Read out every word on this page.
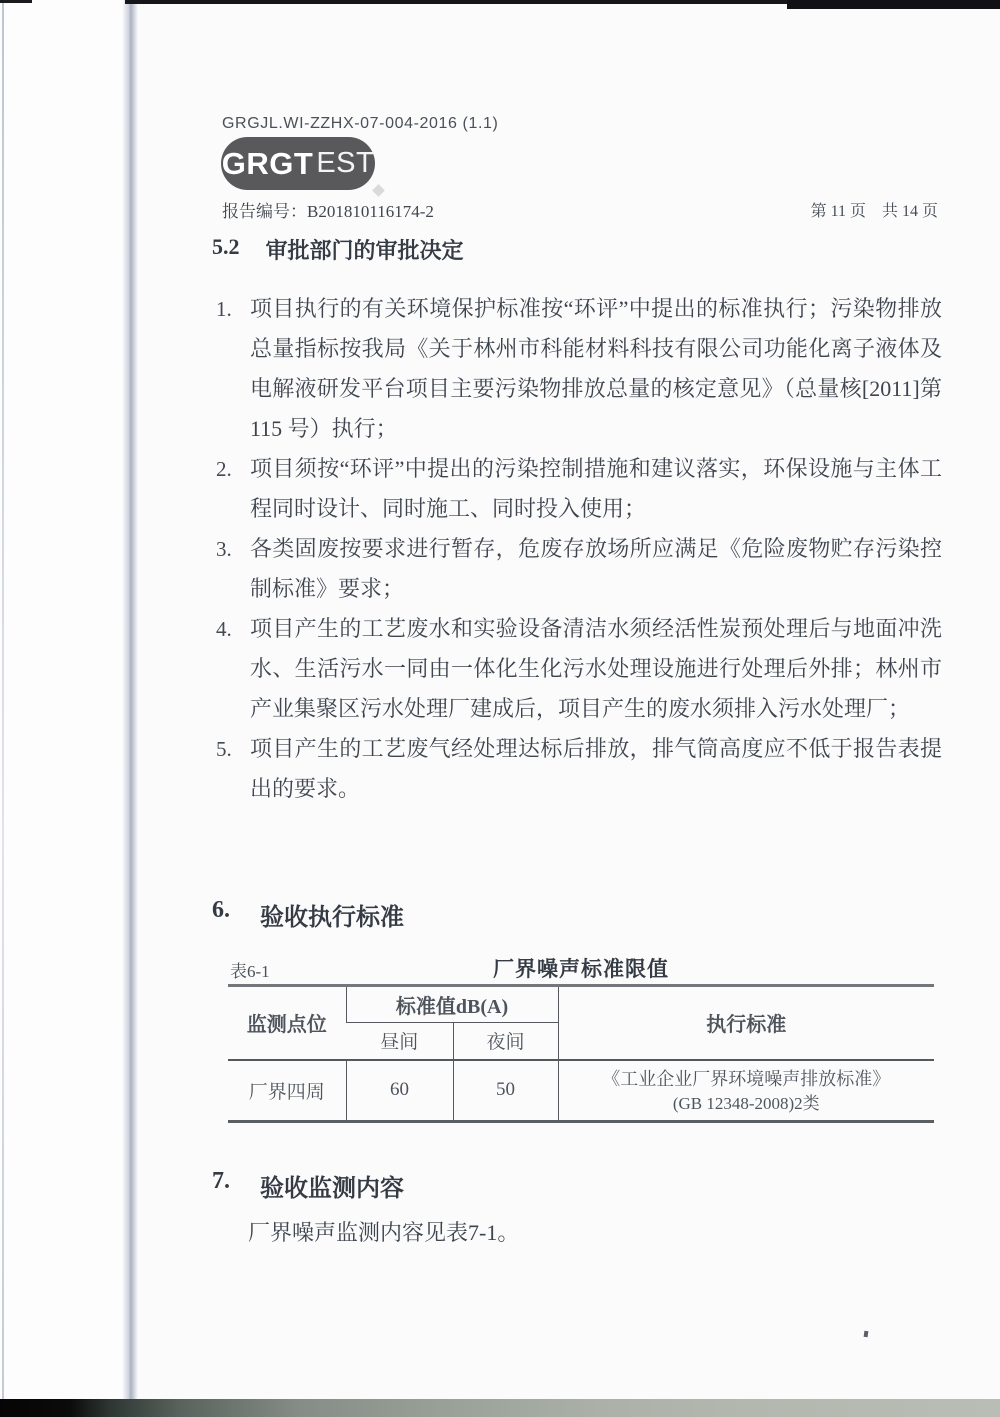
GRGJL.WI-ZZHX-07-004-2016 (1.1)
GRGT EST
报告编号：B201810116174-2	第 11 页　共 14 页
5.2 审批部门的审批决定
1. 项目执行的有关环境保护标准按“环评”中提出的标准执行；污染物排放总量指标按我局《关于林州市科能材料科技有限公司功能化离子液体及电解液研发平台项目主要污染物排放总量的核定意见》（总量核[2011]第 115 号）执行；
2. 项目须按“环评”中提出的污染控制措施和建议落实，环保设施与主体工程同时设计、同时施工、同时投入使用；
3. 各类固废按要求进行暂存，危废存放场所应满足《危险废物贮存污染控制标准》要求；
4. 项目产生的工艺废水和实验设备清洁水须经活性炭预处理后与地面冲洗水、生活污水一同由一体化生化污水处理设施进行处理后外排；林州市产业集聚区污水处理厂建成后，项目产生的废水须排入污水处理厂；
5. 项目产生的工艺废气经处理达标后排放，排气筒高度应不低于报告表提出的要求。
6. 验收执行标准
表6-1	厂界噪声标准限值
监测点位	标准值dB(A)		执行标准
	昼间	夜间	
厂界四周	60	50	《工业企业厂界环境噪声排放标准》
(GB 12348-2008)2类
7. 验收监测内容
厂界噪声监测内容见表7-1。
